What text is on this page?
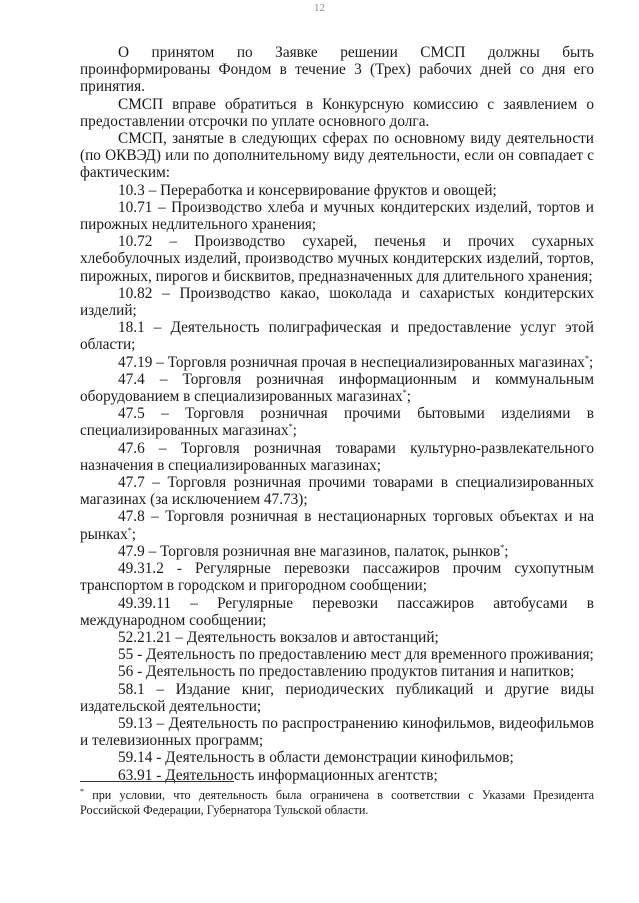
12

О принятом по Заявке решении СМСП должны быть проинформированы Фондом в течение 3 (Трех) рабочих дней со дня его принятия.

СМСП вправе обратиться в Конкурсную комиссию с заявлением о предоставлении отсрочки по уплате основного долга.

СМСП, занятые в следующих сферах по основному виду деятельности (по ОКВЭД) или по дополнительному виду деятельности, если он совпадает с фактическим:

10.3 – Переработка и консервирование фруктов и овощей;

10.71 – Производство хлеба и мучных кондитерских изделий, тортов и пирожных недлительного хранения;

10.72 – Производство сухарей, печенья и прочих сухарных хлебобулочных изделий, производство мучных кондитерских изделий, тортов, пирожных, пирогов и бисквитов, предназначенных для длительного хранения;

10.82 – Производство какао, шоколада и сахаристых кондитерских изделий;

18.1 – Деятельность полиграфическая и предоставление услуг этой области;

47.19 – Торговля розничная прочая в неспециализированных магазинах*;

47.4 – Торговля розничная информационным и коммунальным оборудованием в специализированных магазинах*;

47.5 – Торговля розничная прочими бытовыми изделиями в специализированных магазинах*;

47.6 – Торговля розничная товарами культурно-развлекательного назначения в специализированных магазинах;

47.7 – Торговля розничная прочими товарами в специализированных магазинах (за исключением 47.73);

47.8 – Торговля розничная в нестационарных торговых объектах и на рынках*;

47.9 – Торговля розничная вне магазинов, палаток, рынков*;

49.31.2 - Регулярные перевозки пассажиров прочим сухопутным транспортом в городском и пригородном сообщении;

49.39.11 – Регулярные перевозки пассажиров автобусами в международном сообщении;

52.21.21 – Деятельность вокзалов и автостанций;

55 - Деятельность по предоставлению мест для временного проживания;

56 - Деятельность по предоставлению продуктов питания и напитков;

58.1 – Издание книг, периодических публикаций и другие виды издательской деятельности;

59.13 – Деятельность по распространению кинофильмов, видеофильмов и телевизионных программ;

59.14 - Деятельность в области демонстрации кинофильмов;

63.91 - Деятельность информационных агентств;

* при условии, что деятельность была ограничена в соответствии с Указами Президента Российской Федерации, Губернатора Тульской области.
